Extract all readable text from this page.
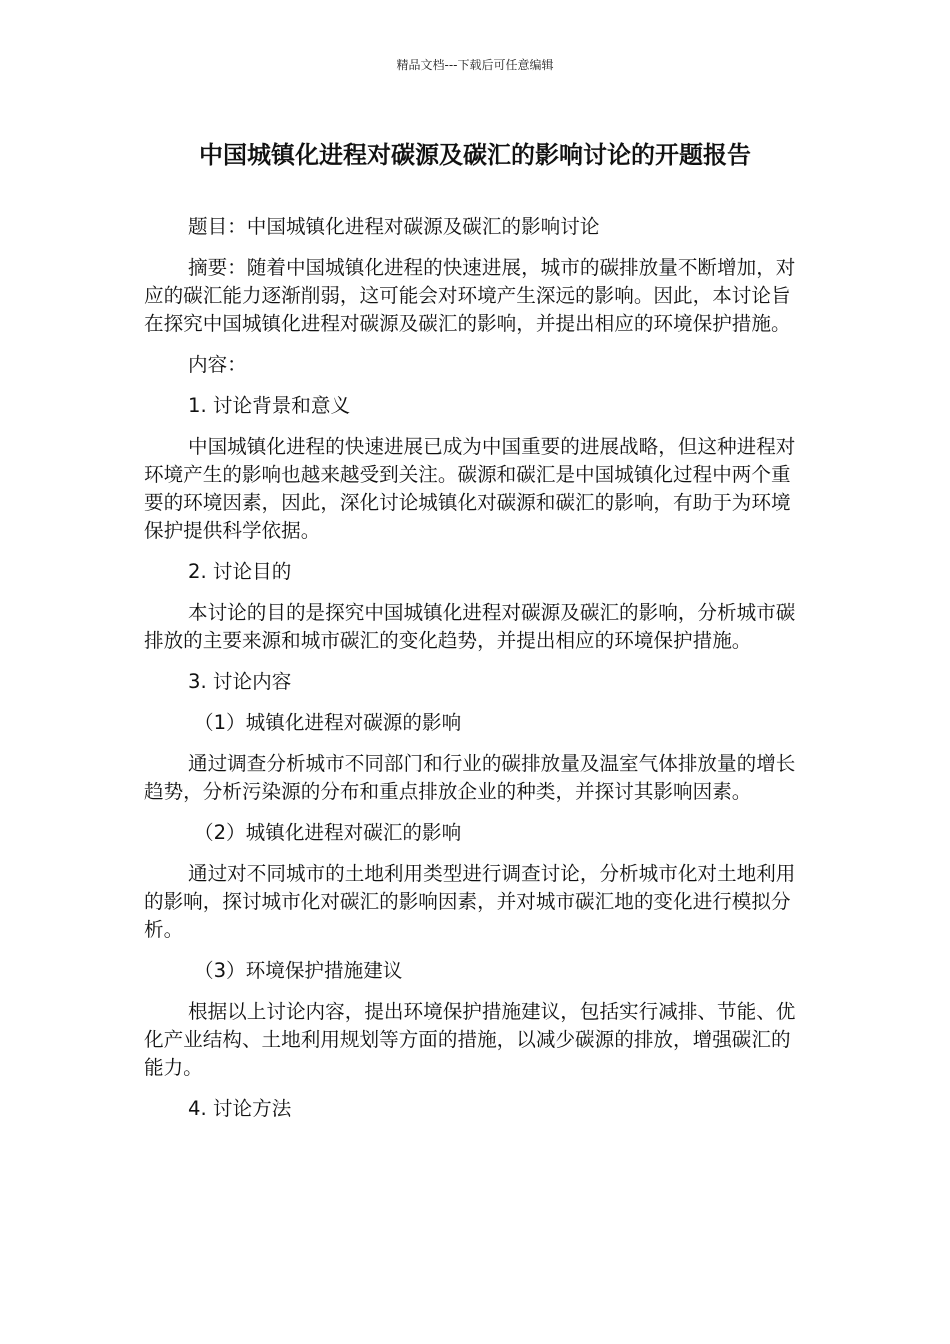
精品文档---下载后可任意编辑
中国城镇化进程对碳源及碳汇的影响讨论的开题报告

题目：中国城镇化进程对碳源及碳汇的影响讨论

摘要：随着中国城镇化进程的快速进展，城市的碳排放量不断增加，对应的碳汇能力逐渐削弱，这可能会对环境产生深远的影响。因此，本讨论旨在探究中国城镇化进程对碳源及碳汇的影响，并提出相应的环境保护措施。

内容：

1. 讨论背景和意义

中国城镇化进程的快速进展已成为中国重要的进展战略，但这种进程对环境产生的影响也越来越受到关注。碳源和碳汇是中国城镇化过程中两个重要的环境因素，因此，深化讨论城镇化对碳源和碳汇的影响，有助于为环境保护提供科学依据。

2. 讨论目的

本讨论的目的是探究中国城镇化进程对碳源及碳汇的影响，分析城市碳排放的主要来源和城市碳汇的变化趋势，并提出相应的环境保护措施。

3. 讨论内容

（1）城镇化进程对碳源的影响

通过调查分析城市不同部门和行业的碳排放量及温室气体排放量的增长趋势，分析污染源的分布和重点排放企业的种类，并探讨其影响因素。

（2）城镇化进程对碳汇的影响

通过对不同城市的土地利用类型进行调查讨论，分析城市化对土地利用的影响，探讨城市化对碳汇的影响因素，并对城市碳汇地的变化进行模拟分析。

（3）环境保护措施建议

根据以上讨论内容，提出环境保护措施建议，包括实行减排、节能、优化产业结构、土地利用规划等方面的措施，以减少碳源的排放，增强碳汇的能力。

4. 讨论方法
